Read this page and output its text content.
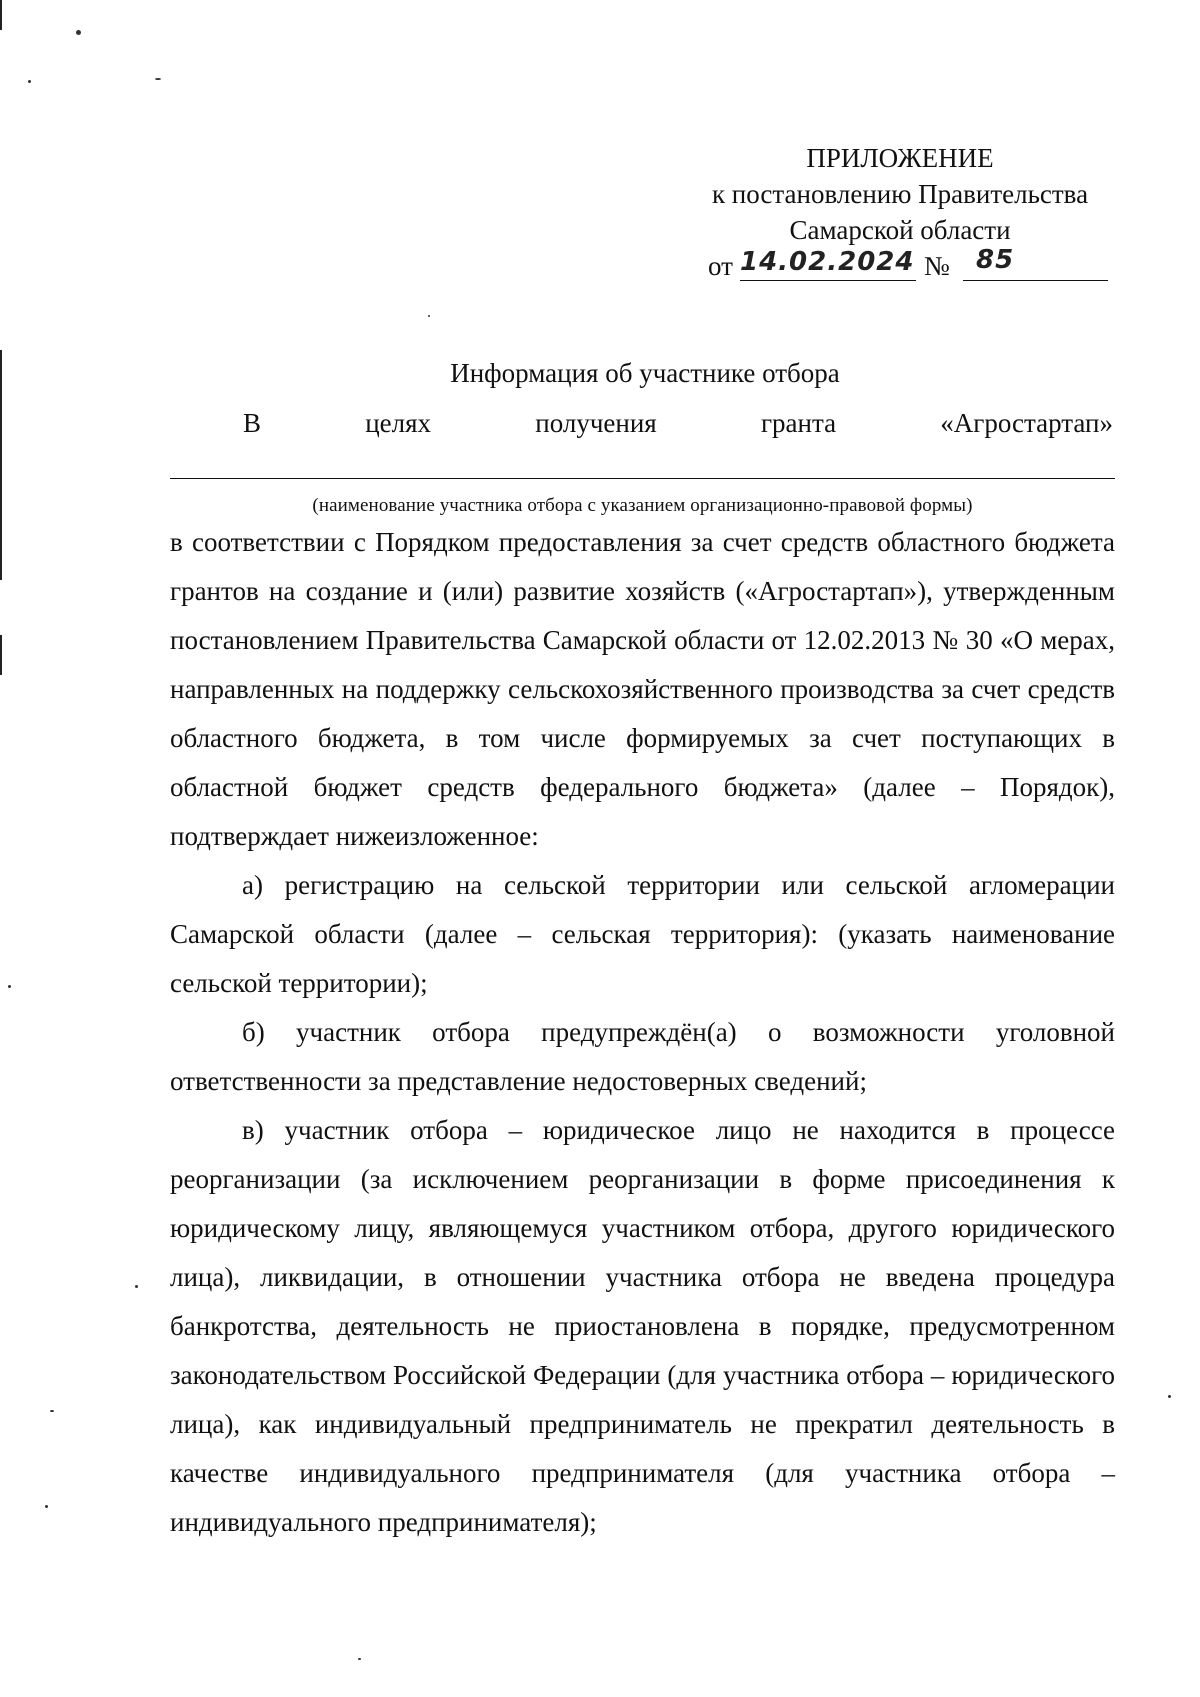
ПРИЛОЖЕНИЕ
к постановлению Правительства
Самарской области
от 14.02.2024 № 85
Информация об участнике отбора
В	целях	получения	гранта	«Агростартап»
(наименование участника отбора с указанием организационно-правовой формы)

в соответствии с Порядком предоставления за счет средств областного бюджета грантов на создание и (или) развитие хозяйств («Агростартап»), утвержденным постановлением Правительства Самарской области от 12.02.2013 № 30 «О мерах, направленных на поддержку сельскохозяйственного производства за счет средств областного бюджета, в том числе формируемых за счет поступающих в областной бюджет средств федерального бюджета» (далее – Порядок), подтверждает нижеизложенное:

а) регистрацию на сельской территории или сельской агломерации Самарской области (далее – сельская территория): (указать наименование сельской территории);

б) участник отбора предупреждён(а) о возможности уголовной ответственности за представление недостоверных сведений;

в) участник отбора – юридическое лицо не находится в процессе реорганизации (за исключением реорганизации в форме присоединения к юридическому лицу, являющемуся участником отбора, другого юридического лица), ликвидации, в отношении участника отбора не введена процедура банкротства, деятельность не приостановлена в порядке, предусмотренном законодательством Российской Федерации (для участника отбора – юридического лица), как индивидуальный предприниматель не прекратил деятельность в качестве индивидуального предпринимателя (для участника отбора – индивидуального предпринимателя);
